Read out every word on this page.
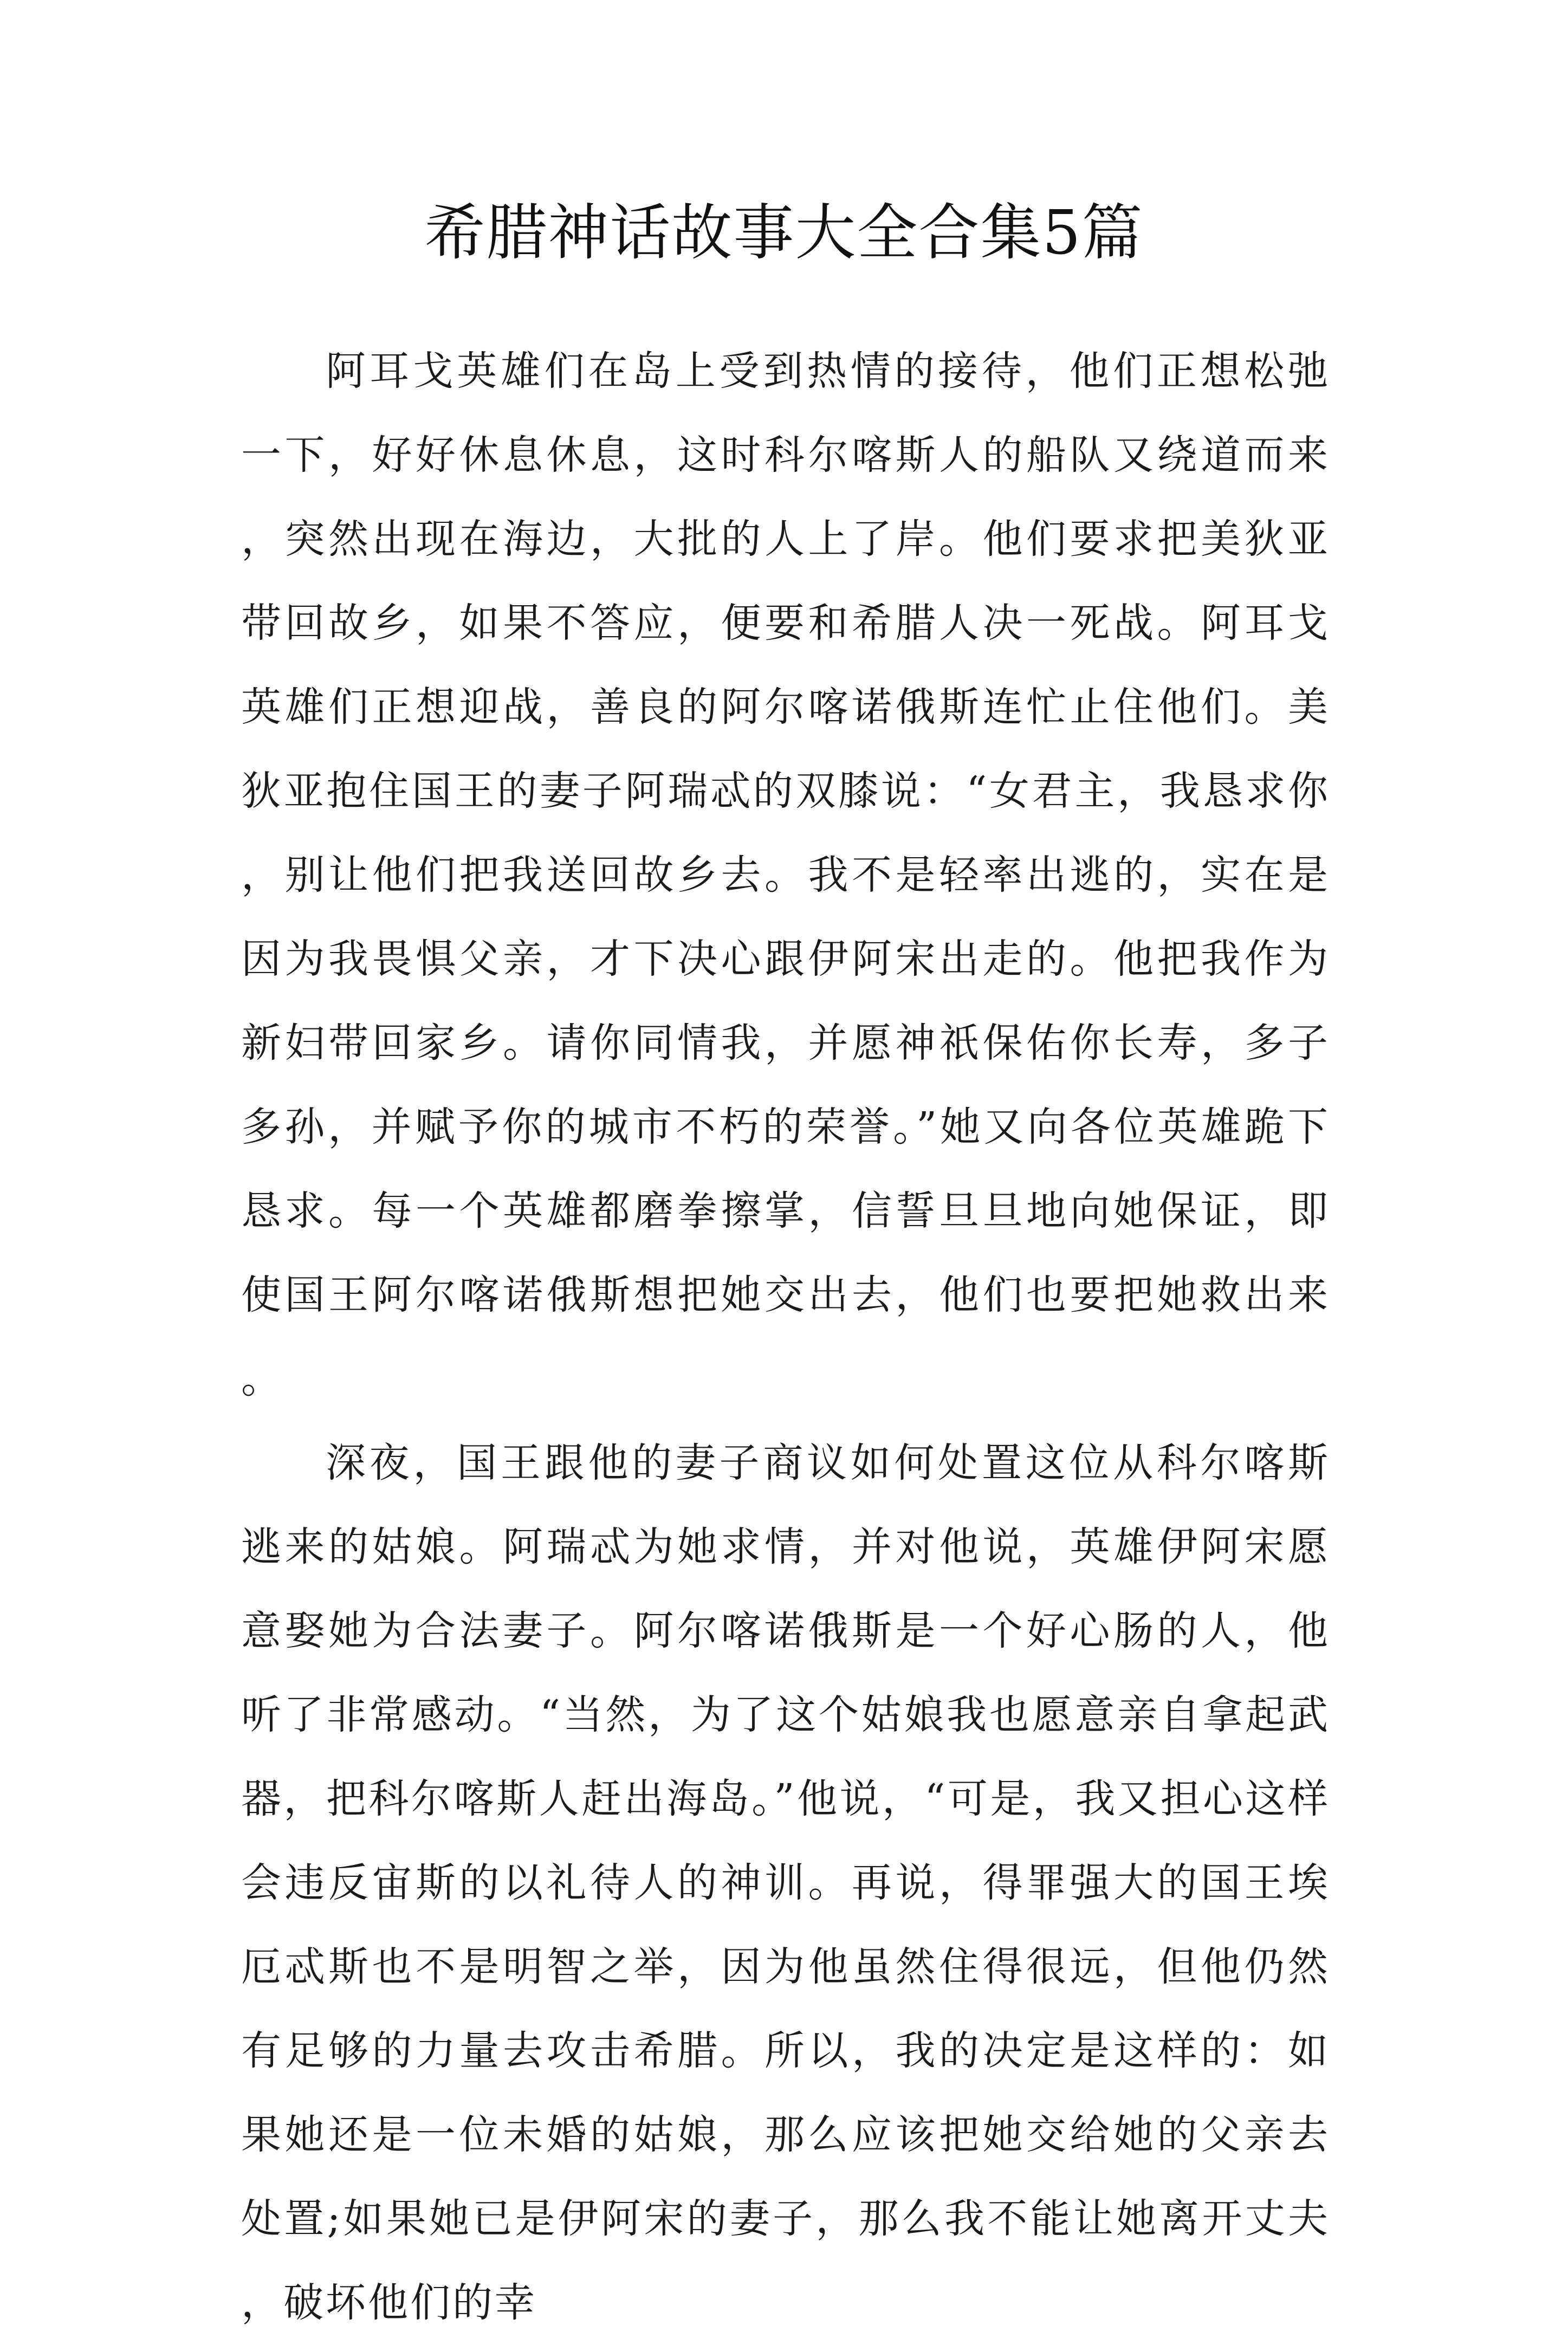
希腊神话故事大全合集5篇

阿耳戈英雄们在岛上受到热情的接待，他们正想松弛一下，好好休息休息，这时科尔喀斯人的船队又绕道而来，突然出现在海边，大批的人上了岸。他们要求把美狄亚带回故乡，如果不答应，便要和希腊人决一死战。阿耳戈英雄们正想迎战，善良的阿尔喀诺俄斯连忙止住他们。美狄亚抱住国王的妻子阿瑞忒的双膝说：“女君主，我恳求你，别让他们把我送回故乡去。我不是轻率出逃的，实在是因为我畏惧父亲，才下决心跟伊阿宋出走的。他把我作为新妇带回家乡。请你同情我，并愿神祇保佑你长寿，多子多孙，并赋予你的城市不朽的荣誉。”她又向各位英雄跪下恳求。每一个英雄都磨拳擦掌，信誓旦旦地向她保证，即使国王阿尔喀诺俄斯想把她交出去，他们也要把她救出来。

深夜，国王跟他的妻子商议如何处置这位从科尔喀斯逃来的姑娘。阿瑞忒为她求情，并对他说，英雄伊阿宋愿意娶她为合法妻子。阿尔喀诺俄斯是一个好心肠的人，他听了非常感动。“当然，为了这个姑娘我也愿意亲自拿起武器，把科尔喀斯人赶出海岛。”他说，“可是，我又担心这样会违反宙斯的以礼待人的神训。再说，得罪强大的国王埃厄忒斯也不是明智之举，因为他虽然住得很远，但他仍然有足够的力量去攻击希腊。所以，我的决定是这样的：如果她还是一位未婚的姑娘，那么应该把她交给她的父亲去处置;如果她已是伊阿宋的妻子，那么我不能让她离开丈夫，破坏他们的幸
